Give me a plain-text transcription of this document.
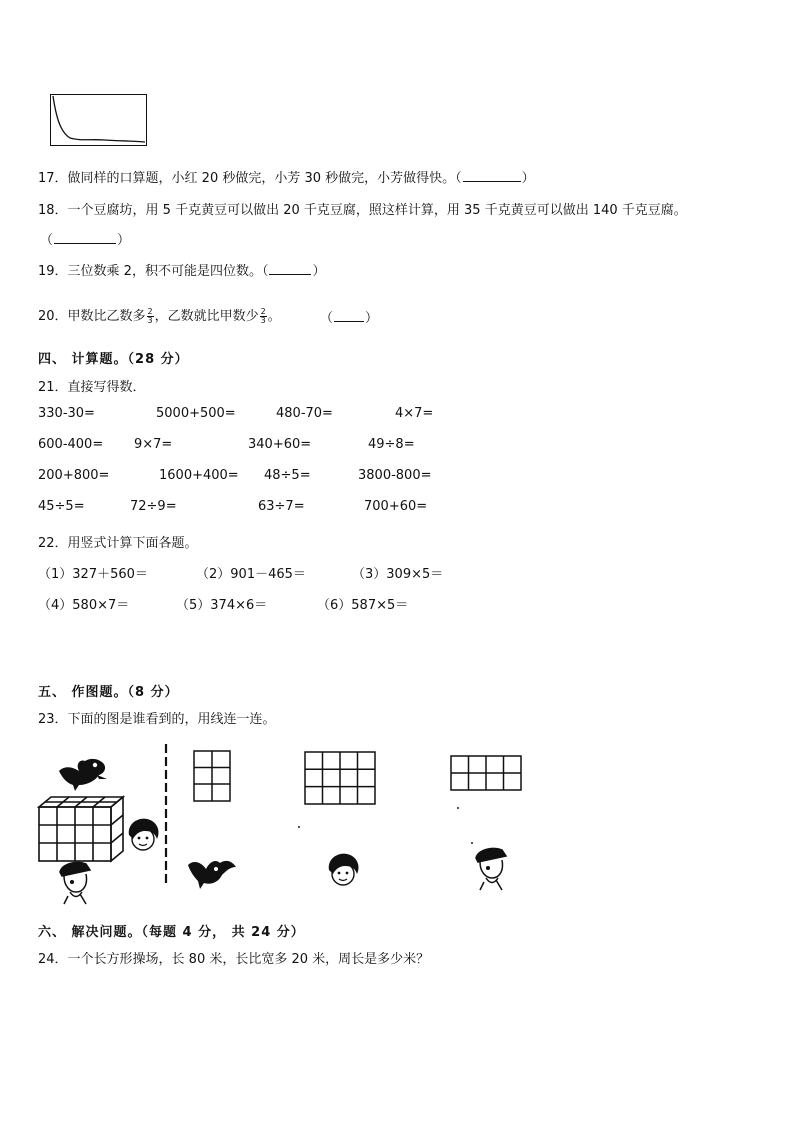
17．做同样的口算题，小红 20 秒做完，小芳 30 秒做完，小芳做得快。（	）
18．一个豆腐坊，用 5 千克黄豆可以做出 20 千克豆腐，照这样计算，用 35 千克黄豆可以做出 140 千克豆腐。
（	）
19．三位数乘 2，积不可能是四位数。（	）
20．甲数比乙数多 $\frac{2}{3}$ ，乙数就比甲数少 $\frac{2}{3}$ 。	（ ）
四、 计算题。（28 分）
21．直接写得数．
330-30=	5000+500=	480-70=	4×7=
600-400= 9×7=	340+60=	49÷8=
200+800=	1600+400= 48÷5=	3800-800=
45÷5=	72÷9=	63÷7=	700+60=
22．用竖式计算下面各题。
（1）327＋560＝	（2）901－465＝	（3）309×5＝
（4）580×7＝	（5）374×6＝	（6）587×5＝
五、 作图题。（8 分）
23．下面的图是谁看到的，用线连一连。
六、 解决问题。（每题 4 分， 共 24 分）
24．一个长方形操场，长 80 米，长比宽多 20 米，周长是多少米？
